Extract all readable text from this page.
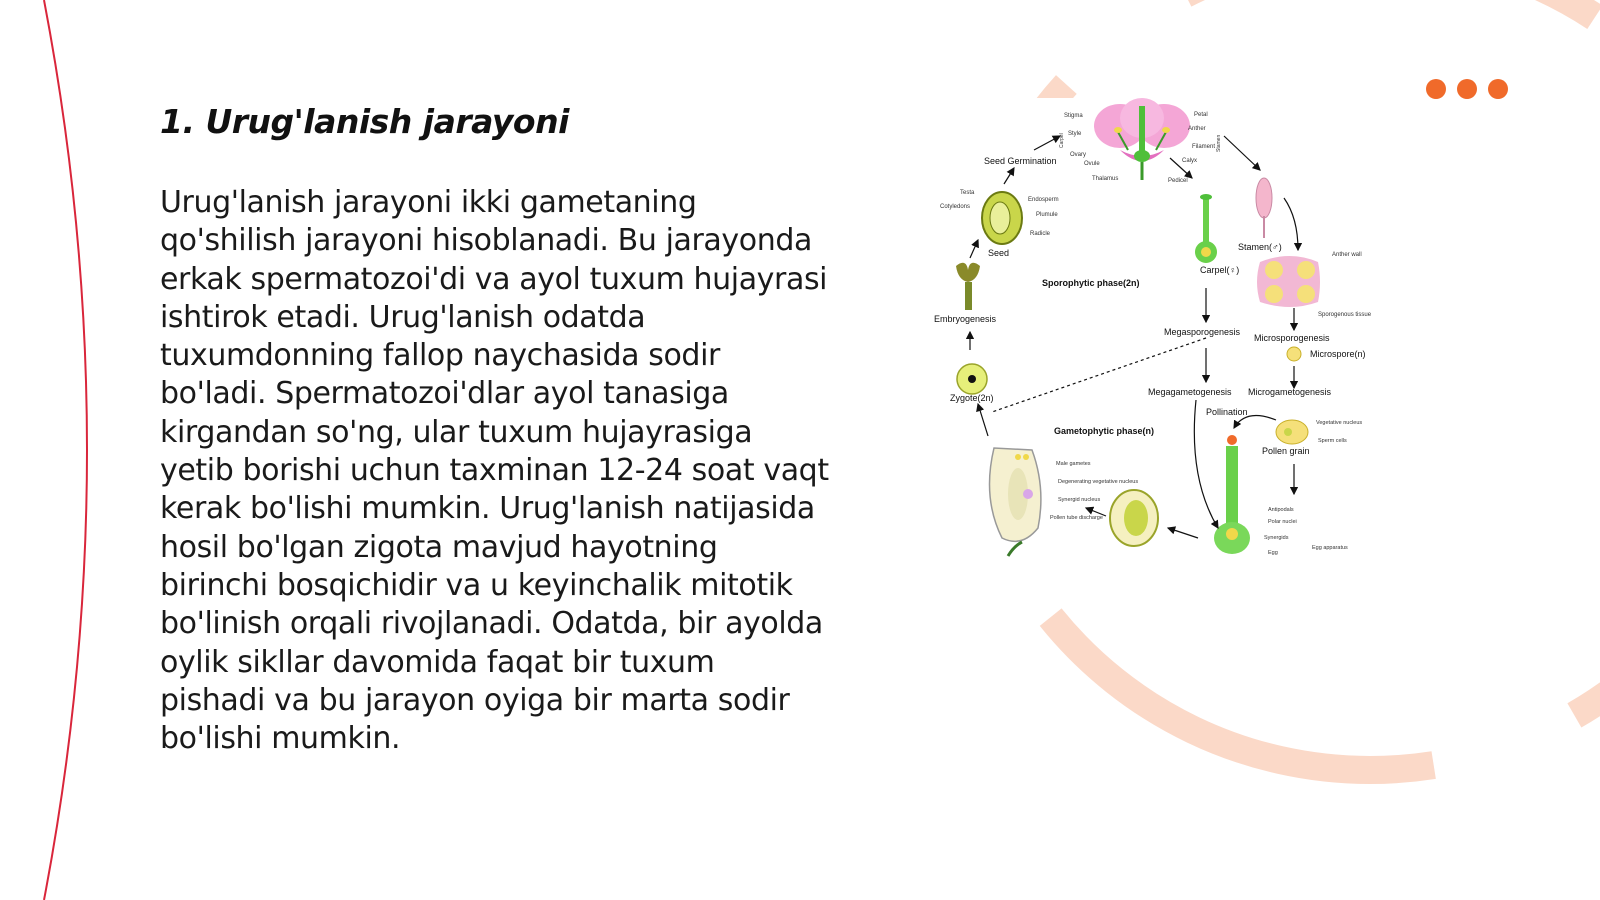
1. Urug'lanish jarayoni

Urug'lanish jarayoni ikki gametaning
qo'shilish jarayoni hisoblanadi. Bu jarayonda
erkak spermatozoi'di va ayol tuxum hujayrasi
ishtirok etadi. Urug'lanish odatda
tuxumdonning fallop naychasida sodir
bo'ladi. Spermatozoi'dlar ayol tanasiga
kirgandan so'ng, ular tuxum hujayrasiga
yetib borishi uchun taxminan 12-24 soat vaqt
kerak bo'lishi mumkin. Urug'lanish natijasida
hosil bo'lgan zigota mavjud hayotning
birinchi bosqichidir va u keyinchalik mitotik
bo'linish orqali rivojlanadi. Odatda, bir ayolda
oylik sikllar davomida faqat bir tuxum
pishadi va bu jarayon oyiga bir marta sodir
bo'lishi mumkin.

Stigma
Style
Ovary
Ovule
Thalamus	Pedicel
Petal
Anther
Filament
Calyx
Carpel	Stamen
Testa
Cotyledons
Endosperm
Plumule
Radicle
Anther wall
Sporogenous tissue
Vegetative nucleus
Sperm cells
Antipodals
Polar nuclei
Synergids
Egg
Egg apparatus
Male gametes
Degenerating vegetative nucleus
Synergid nucleus
Pollen tube discharge
Seed Germination
Seed
Embryogenesis
Zygote(2n)
Carpel(♀)
Stamen(♂)
Megasporogenesis
Microsporogenesis
Microspore(n)
Megagametogenesis Microgametogenesis
Pollination
Pollen grain
Sporophytic phase(2n)
Gametophytic phase(n)
